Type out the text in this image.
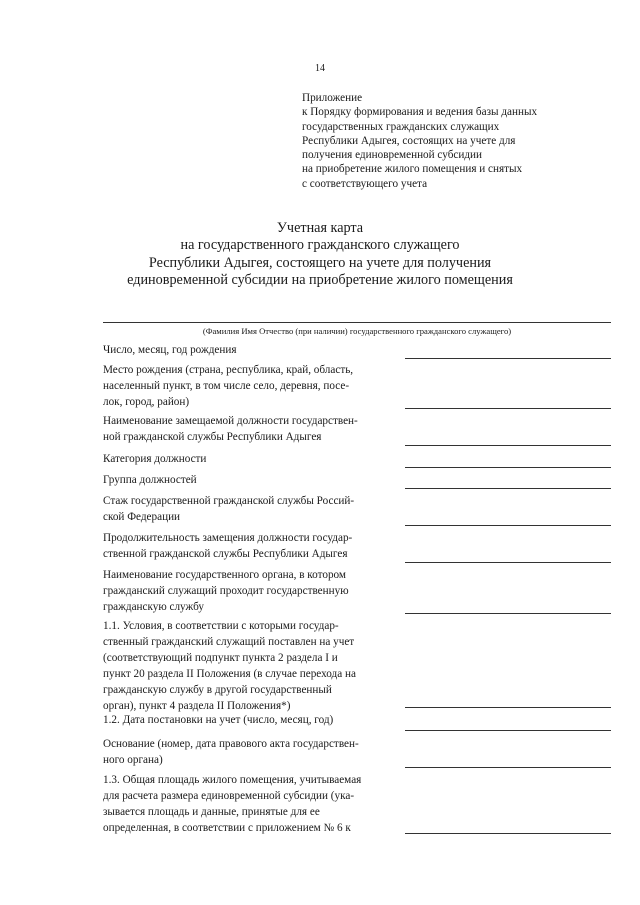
14
Приложение
к Порядку формирования и ведения базы данных
государственных гражданских служащих
Республики Адыгея, состоящих на учете для
получения единовременной субсидии
на приобретение жилого помещения и снятых
с соответствующего учета
Учетная карта
на государственного гражданского служащего
Республики Адыгея, состоящего на учете для получения
единовременной субсидии на приобретение жилого помещения
(Фамилия Имя Отчество (при наличии) государственного гражданского служащего)
Число, месяц, год рождения
Место рождения (страна, республика, край, область,
населенный пункт, в том числе село, деревня, посе-
лок, город, район)
Наименование замещаемой должности государствен-
ной гражданской службы Республики Адыгея
Категория должности
Группа должностей
Стаж государственной гражданской службы Россий-
ской Федерации
Продолжительность замещения должности государ-
ственной гражданской службы Республики Адыгея
Наименование государственного органа, в котором
гражданский служащий проходит государственную
гражданскую службу
1.1. Условия, в соответствии с которыми государ-
ственный гражданский служащий поставлен на учет
(соответствующий подпункт пункта 2 раздела I и
пункт 20 раздела II Положения (в случае перехода на
гражданскую службу в другой государственный
орган), пункт 4 раздела II Положения*)
1.2. Дата постановки на учет (число, месяц, год)
Основание (номер, дата правового акта государствен-
ного органа)
1.3. Общая площадь жилого помещения, учитываемая
для расчета размера единовременной субсидии (ука-
зывается площадь и данные, принятые для ее
определенная, в соответствии с приложением № 6 к
